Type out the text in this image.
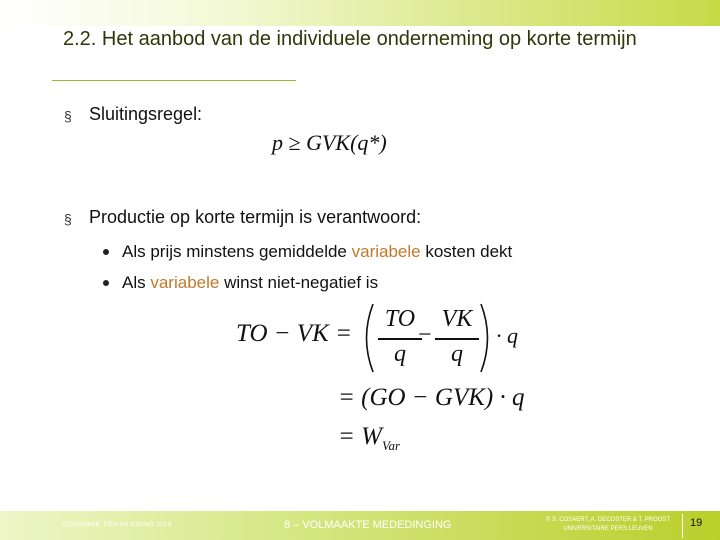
2.2. Het aanbod van de individuele onderneming op korte termijn
§ Sluitingsregel:
p ≥ GVK(q*)
§ Productie op korte termijn is verantwoord:
Als prijs minstens gemiddelde variabele kosten dekt
Als variabele winst niet-negatief is
TO − VK =
TO
q
−
VK
q
· q
= (GO − GVK) · q
= $W_{Var}$
ECONOMIE, EEN INLEIDING 2013	8 – VOLMAAKTE MEDEDINGING	© S. COSAERT, A. DECOSTER & T. PROOST
UNIVERSITAIRE PERS LEUVEN	19
